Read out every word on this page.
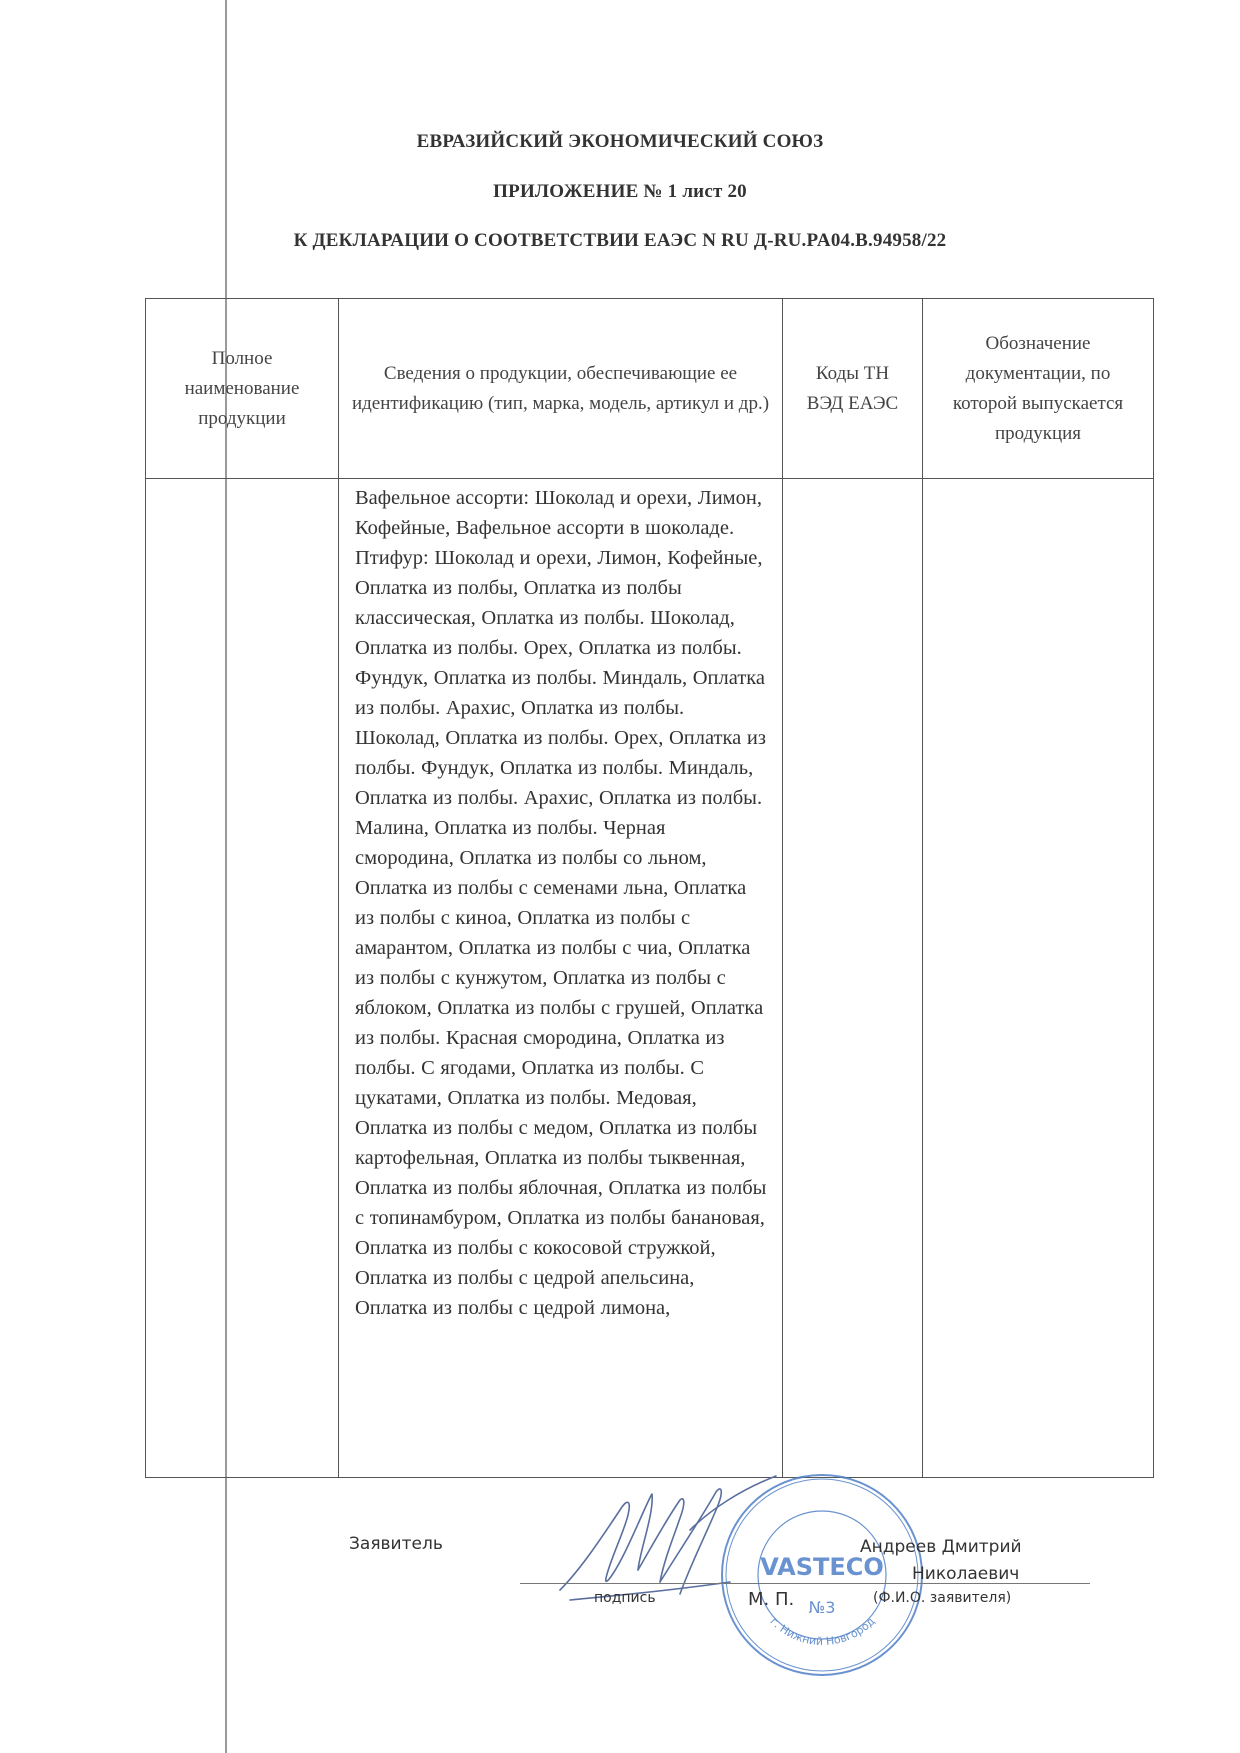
ЕВРАЗИЙСКИЙ ЭКОНОМИЧЕСКИЙ СОЮЗ
ПРИЛОЖЕНИЕ № 1 лист 20
К ДЕКЛАРАЦИИ О СООТВЕТСТВИИ ЕАЭС N RU Д-RU.PA04.B.94958/22
Полное наименование продукции	Сведения о продукции, обеспечивающие ее идентификацию (тип, марка, модель, артикул и др.)	Коды ТН ВЭД ЕАЭС	Обозначение документации, по которой выпускается продукция
	Вафельное ассорти: Шоколад и орехи, Лимон, Кофейные, Вафельное ассорти в шоколаде. Птифур: Шоколад и орехи, Лимон, Кофейные, Оплатка из полбы, Оплатка из полбы классическая, Оплатка из полбы. Шоколад, Оплатка из полбы. Орех, Оплатка из полбы. Фундук, Оплатка из полбы. Миндаль, Оплатка из полбы. Арахис, Оплатка из полбы. Шоколад, Оплатка из полбы. Орех, Оплатка из полбы. Фундук, Оплатка из полбы. Миндаль, Оплатка из полбы. Арахис, Оплатка из полбы. Малина, Оплатка из полбы. Черная смородина, Оплатка из полбы со льном, Оплатка из полбы с семенами льна, Оплатка из полбы с киноа, Оплатка из полбы с амарантом, Оплатка из полбы с чиа, Оплатка из полбы с кунжутом, Оплатка из полбы с яблоком, Оплатка из полбы с грушей, Оплатка из полбы. Красная смородина, Оплатка из полбы. С ягодами, Оплатка из полбы. С цукатами, Оплатка из полбы. Медовая, Оплатка из полбы с медом, Оплатка из полбы картофельная, Оплатка из полбы тыквенная, Оплатка из полбы яблочная, Оплатка из полбы с топинамбуром, Оплатка из полбы банановая, Оплатка из полбы с кокосовой стружкой, Оплатка из полбы с цедрой апельсина, Оплатка из полбы с цедрой лимона,		
VASTECO
№3
г. Нижний Новгород
Заявитель	Андреев Дмитрий
Николаевич
подпись	М. П.	(Ф.И.О. заявителя)
